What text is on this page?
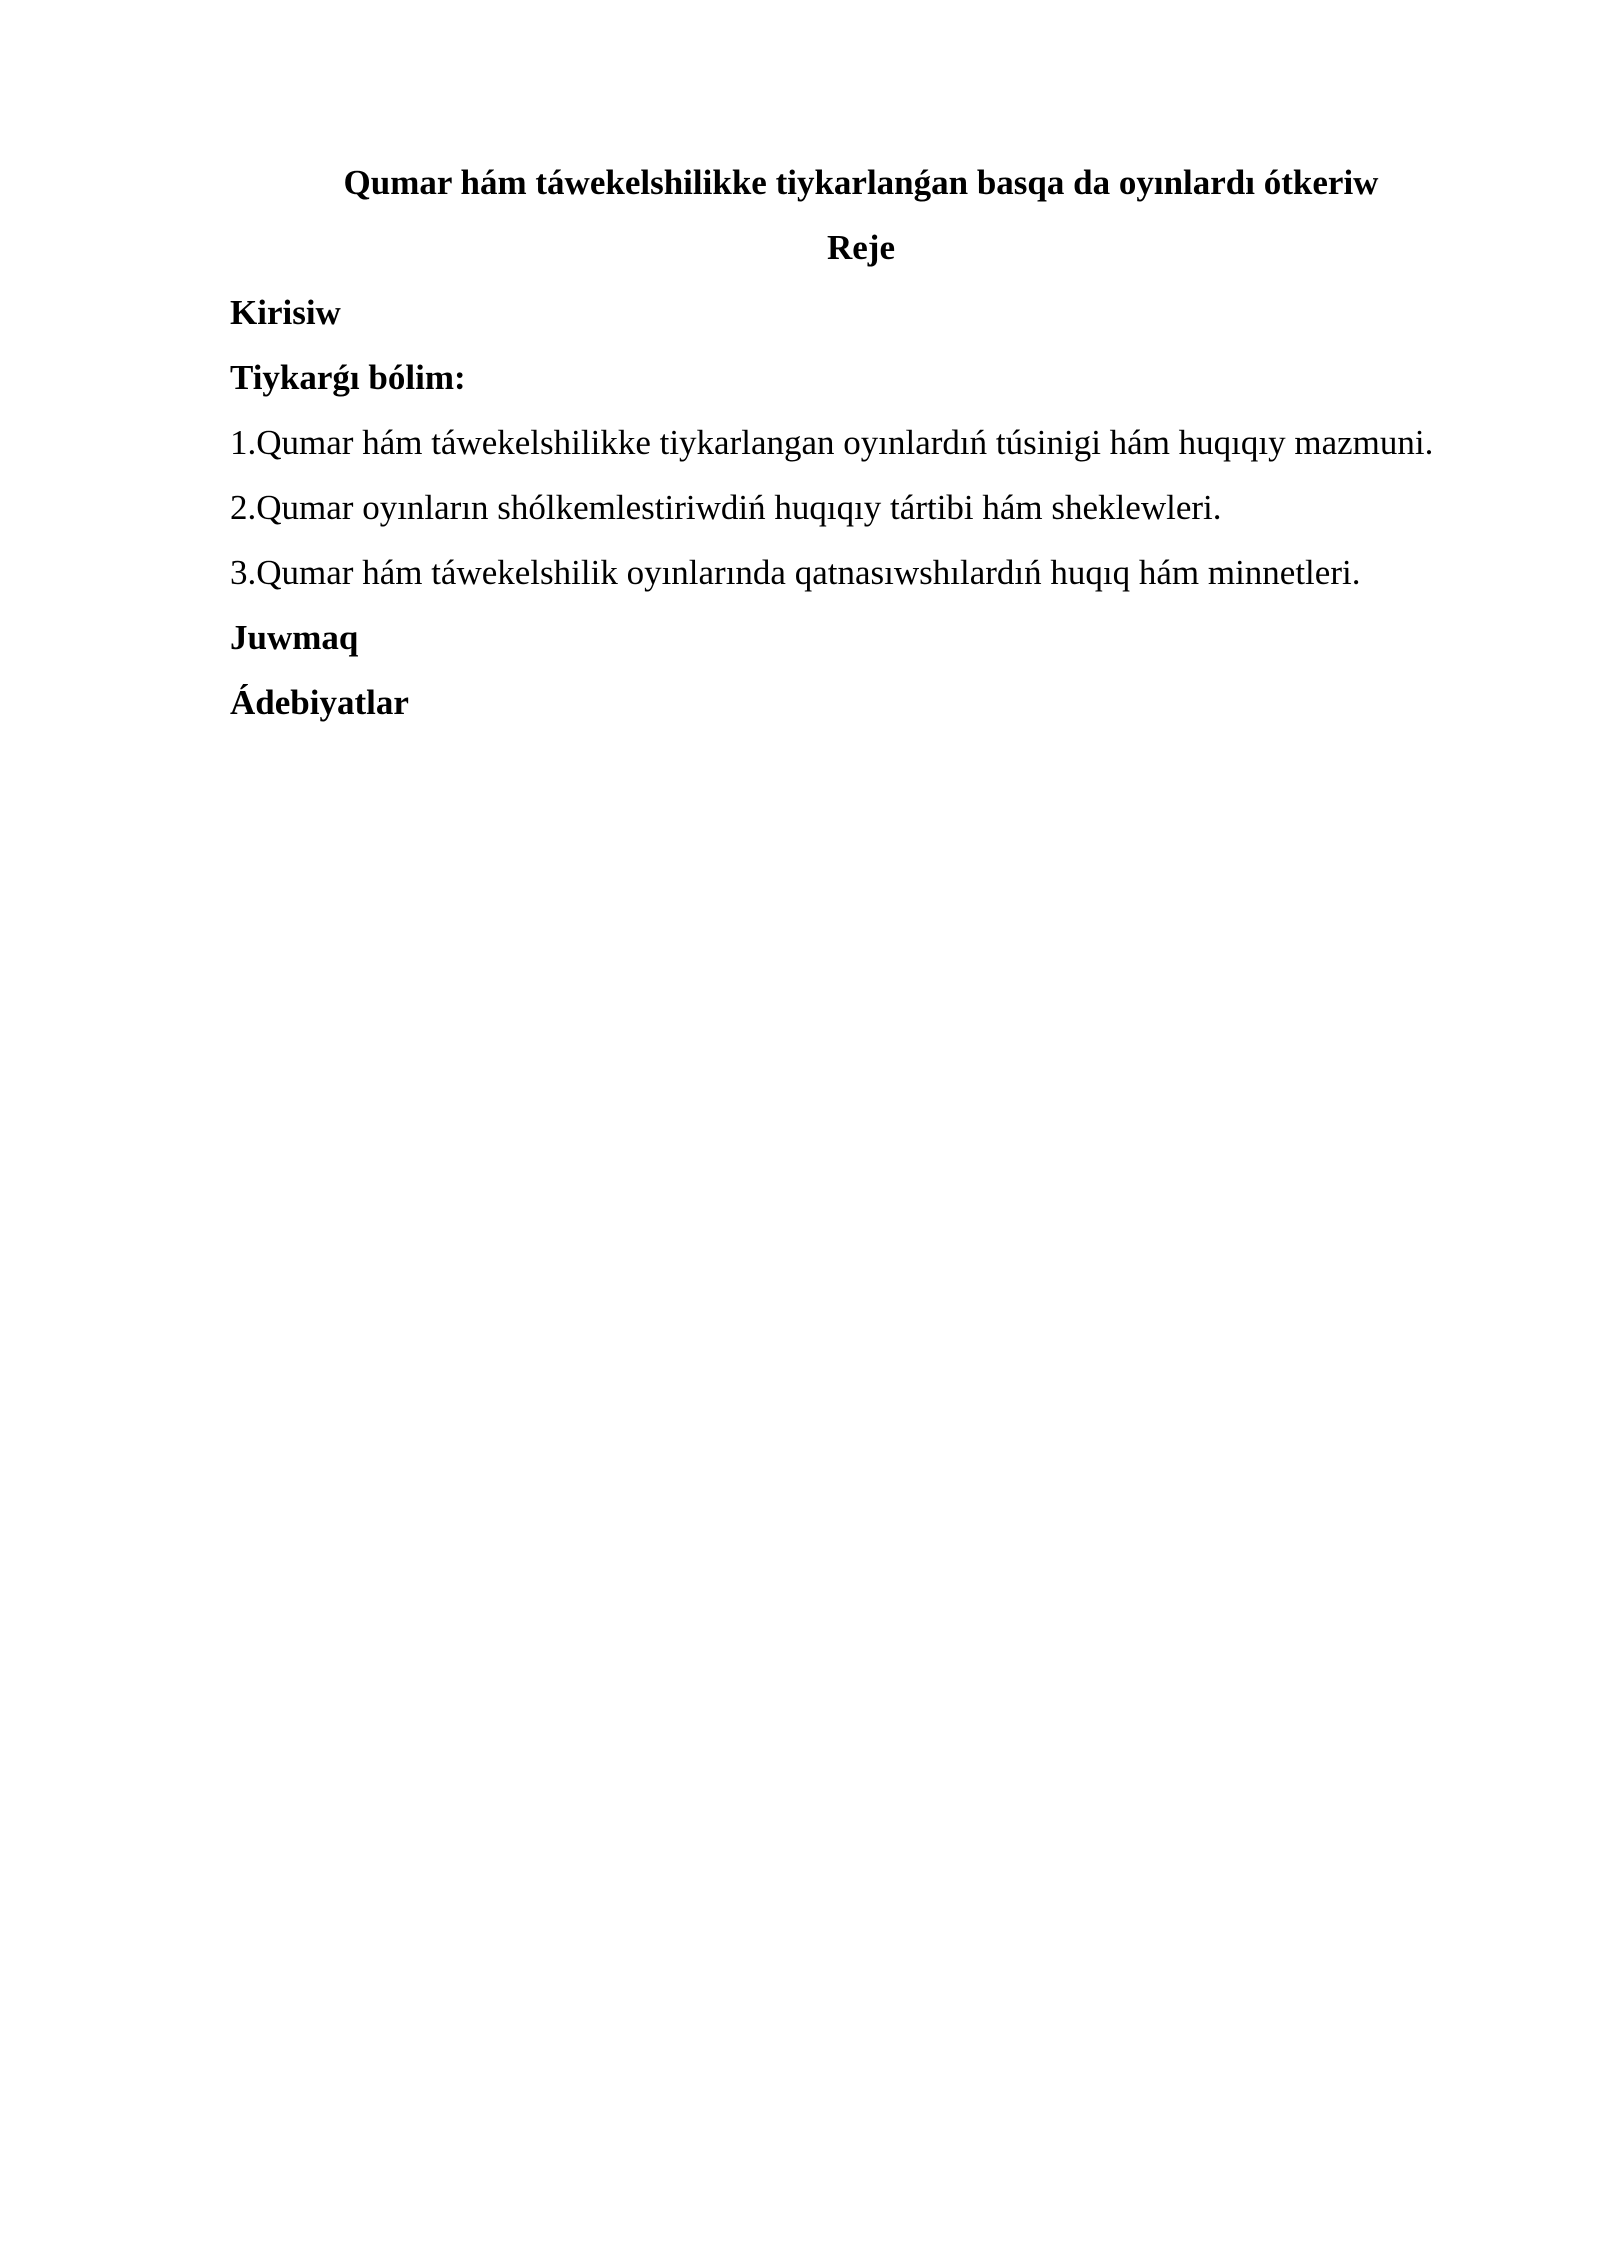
Qumar hám táwekelshilikke tiykarlanǵan basqa da oyınlardı ótkeriw
Reje

Kirisiw

Tiykarǵı bólim:

1.Qumar hám táwekelshilikke tiykarlangan oyınlardıń túsinigi hám huqıqıy mazmuni.
2.Qumar oyınların shólkemlestiriwdiń huqıqıy tártibi hám sheklewleri.
3.Qumar hám táwekelshilik oyınlarında qatnasıwshılardıń huqıq hám minnetleri.

Juwmaq

Ádebiyatlar
